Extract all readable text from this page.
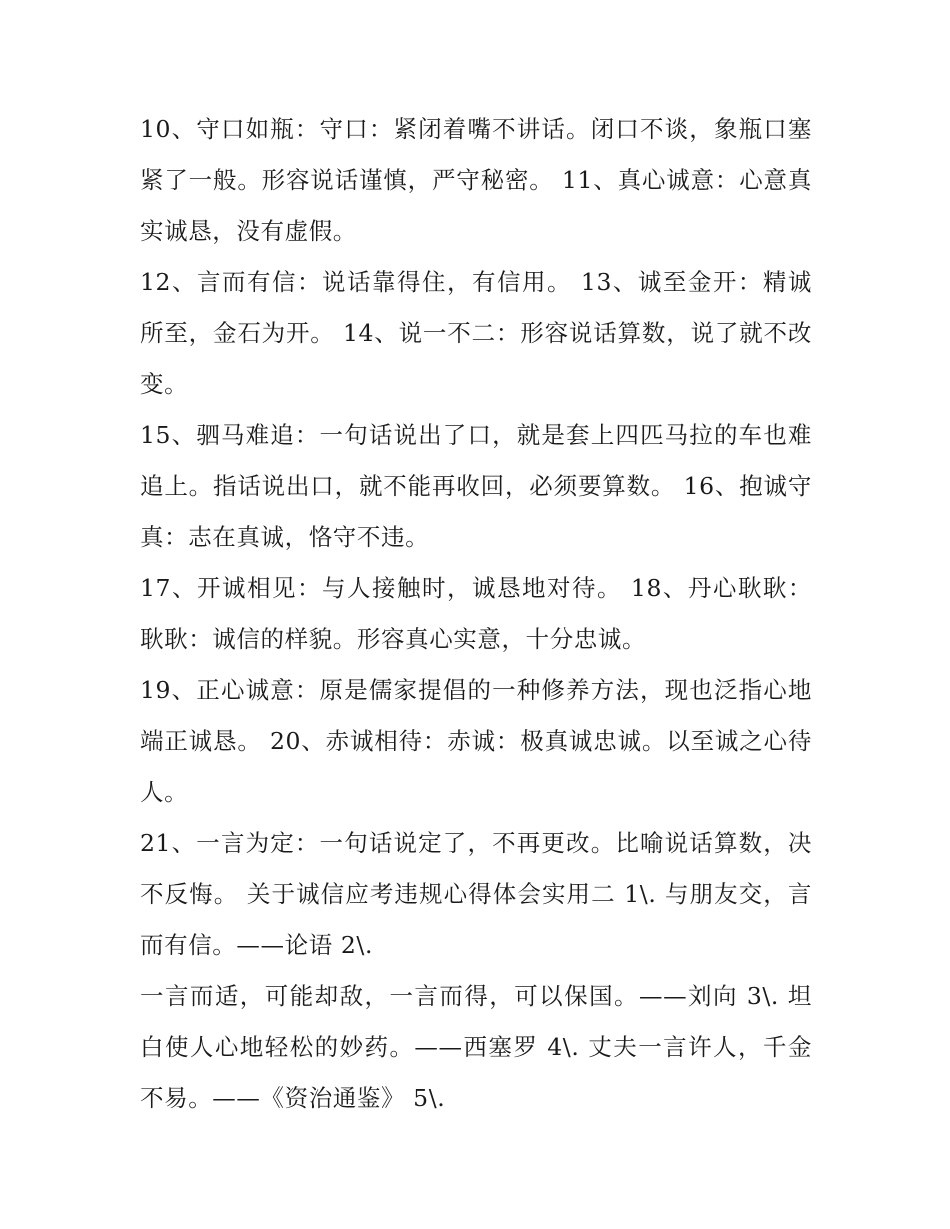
10、守口如瓶：守口：紧闭着嘴不讲话。闭口不谈，象瓶口塞紧了一般。形容说话谨慎，严守秘密。 11、真心诚意：心意真实诚恳，没有虚假。

12、言而有信：说话靠得住，有信用。 13、诚至金开：精诚所至，金石为开。 14、说一不二：形容说话算数，说了就不改变。

15、驷马难追：一句话说出了口，就是套上四匹马拉的车也难追上。指话说出口，就不能再收回，必须要算数。 16、抱诚守真：志在真诚，恪守不违。

17、开诚相见：与人接触时，诚恳地对待。 18、丹心耿耿：耿耿：诚信的样貌。形容真心实意，十分忠诚。

19、正心诚意：原是儒家提倡的一种修养方法，现也泛指心地端正诚恳。 20、赤诚相待：赤诚：极真诚忠诚。以至诚之心待人。

21、一言为定：一句话说定了，不再更改。比喻说话算数，决不反悔。 关于诚信应考违规心得体会实用二 1\. 与朋友交，言而有信。——论语 2\.

一言而适，可能却敌，一言而得，可以保国。——刘向 3\. 坦白使人心地轻松的妙药。——西塞罗 4\. 丈夫一言许人，千金不易。——《资治通鉴》 5\.
